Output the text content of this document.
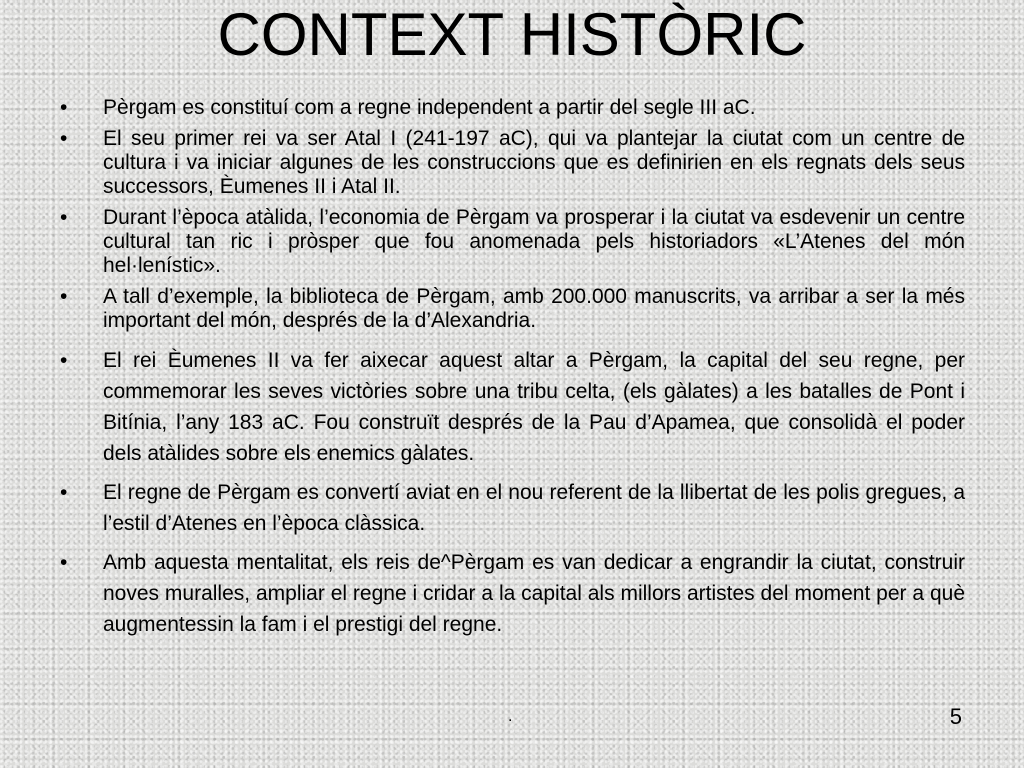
CONTEXT HISTÒRIC
• Pèrgam es constituí com a regne independent a partir del segle III aC.
• El seu primer rei va ser Atal I (241-197 aC), qui va plantejar la ciutat com un centre de cultura i va iniciar algunes de les construccions que es definirien en els regnats dels seus successors, Èumenes II i Atal II.
• Durant l’època atàlida, l’economia de Pèrgam va prosperar i la ciutat va esdevenir un centre cultural tan ric i pròsper que fou anomenada pels historiadors «L’Atenes del món hel·lenístic».
• A tall d’exemple, la biblioteca de Pèrgam, amb 200.000 manuscrits, va arribar a ser la més important del món, després de la d’Alexandria.
• El rei Èumenes II va fer aixecar aquest altar a Pèrgam, la capital del seu regne, per commemorar les seves victòries sobre una tribu celta, (els gàlates) a les batalles de Pont i Bitínia, l’any 183 aC. Fou construït després de la Pau d’Apamea, que consolidà el poder dels atàlides sobre els enemics gàlates.
• El regne de Pèrgam es convertí aviat en el nou referent de la llibertat de les polis gregues, a l’estil d’Atenes en l’època clàssica.
• Amb aquesta mentalitat, els reis de^Pèrgam es van dedicar a engrandir la ciutat, construir noves muralles, ampliar el regne i cridar a la capital als millors artistes del moment per a què augmentessin la fam i el prestigi del regne.
.	5
